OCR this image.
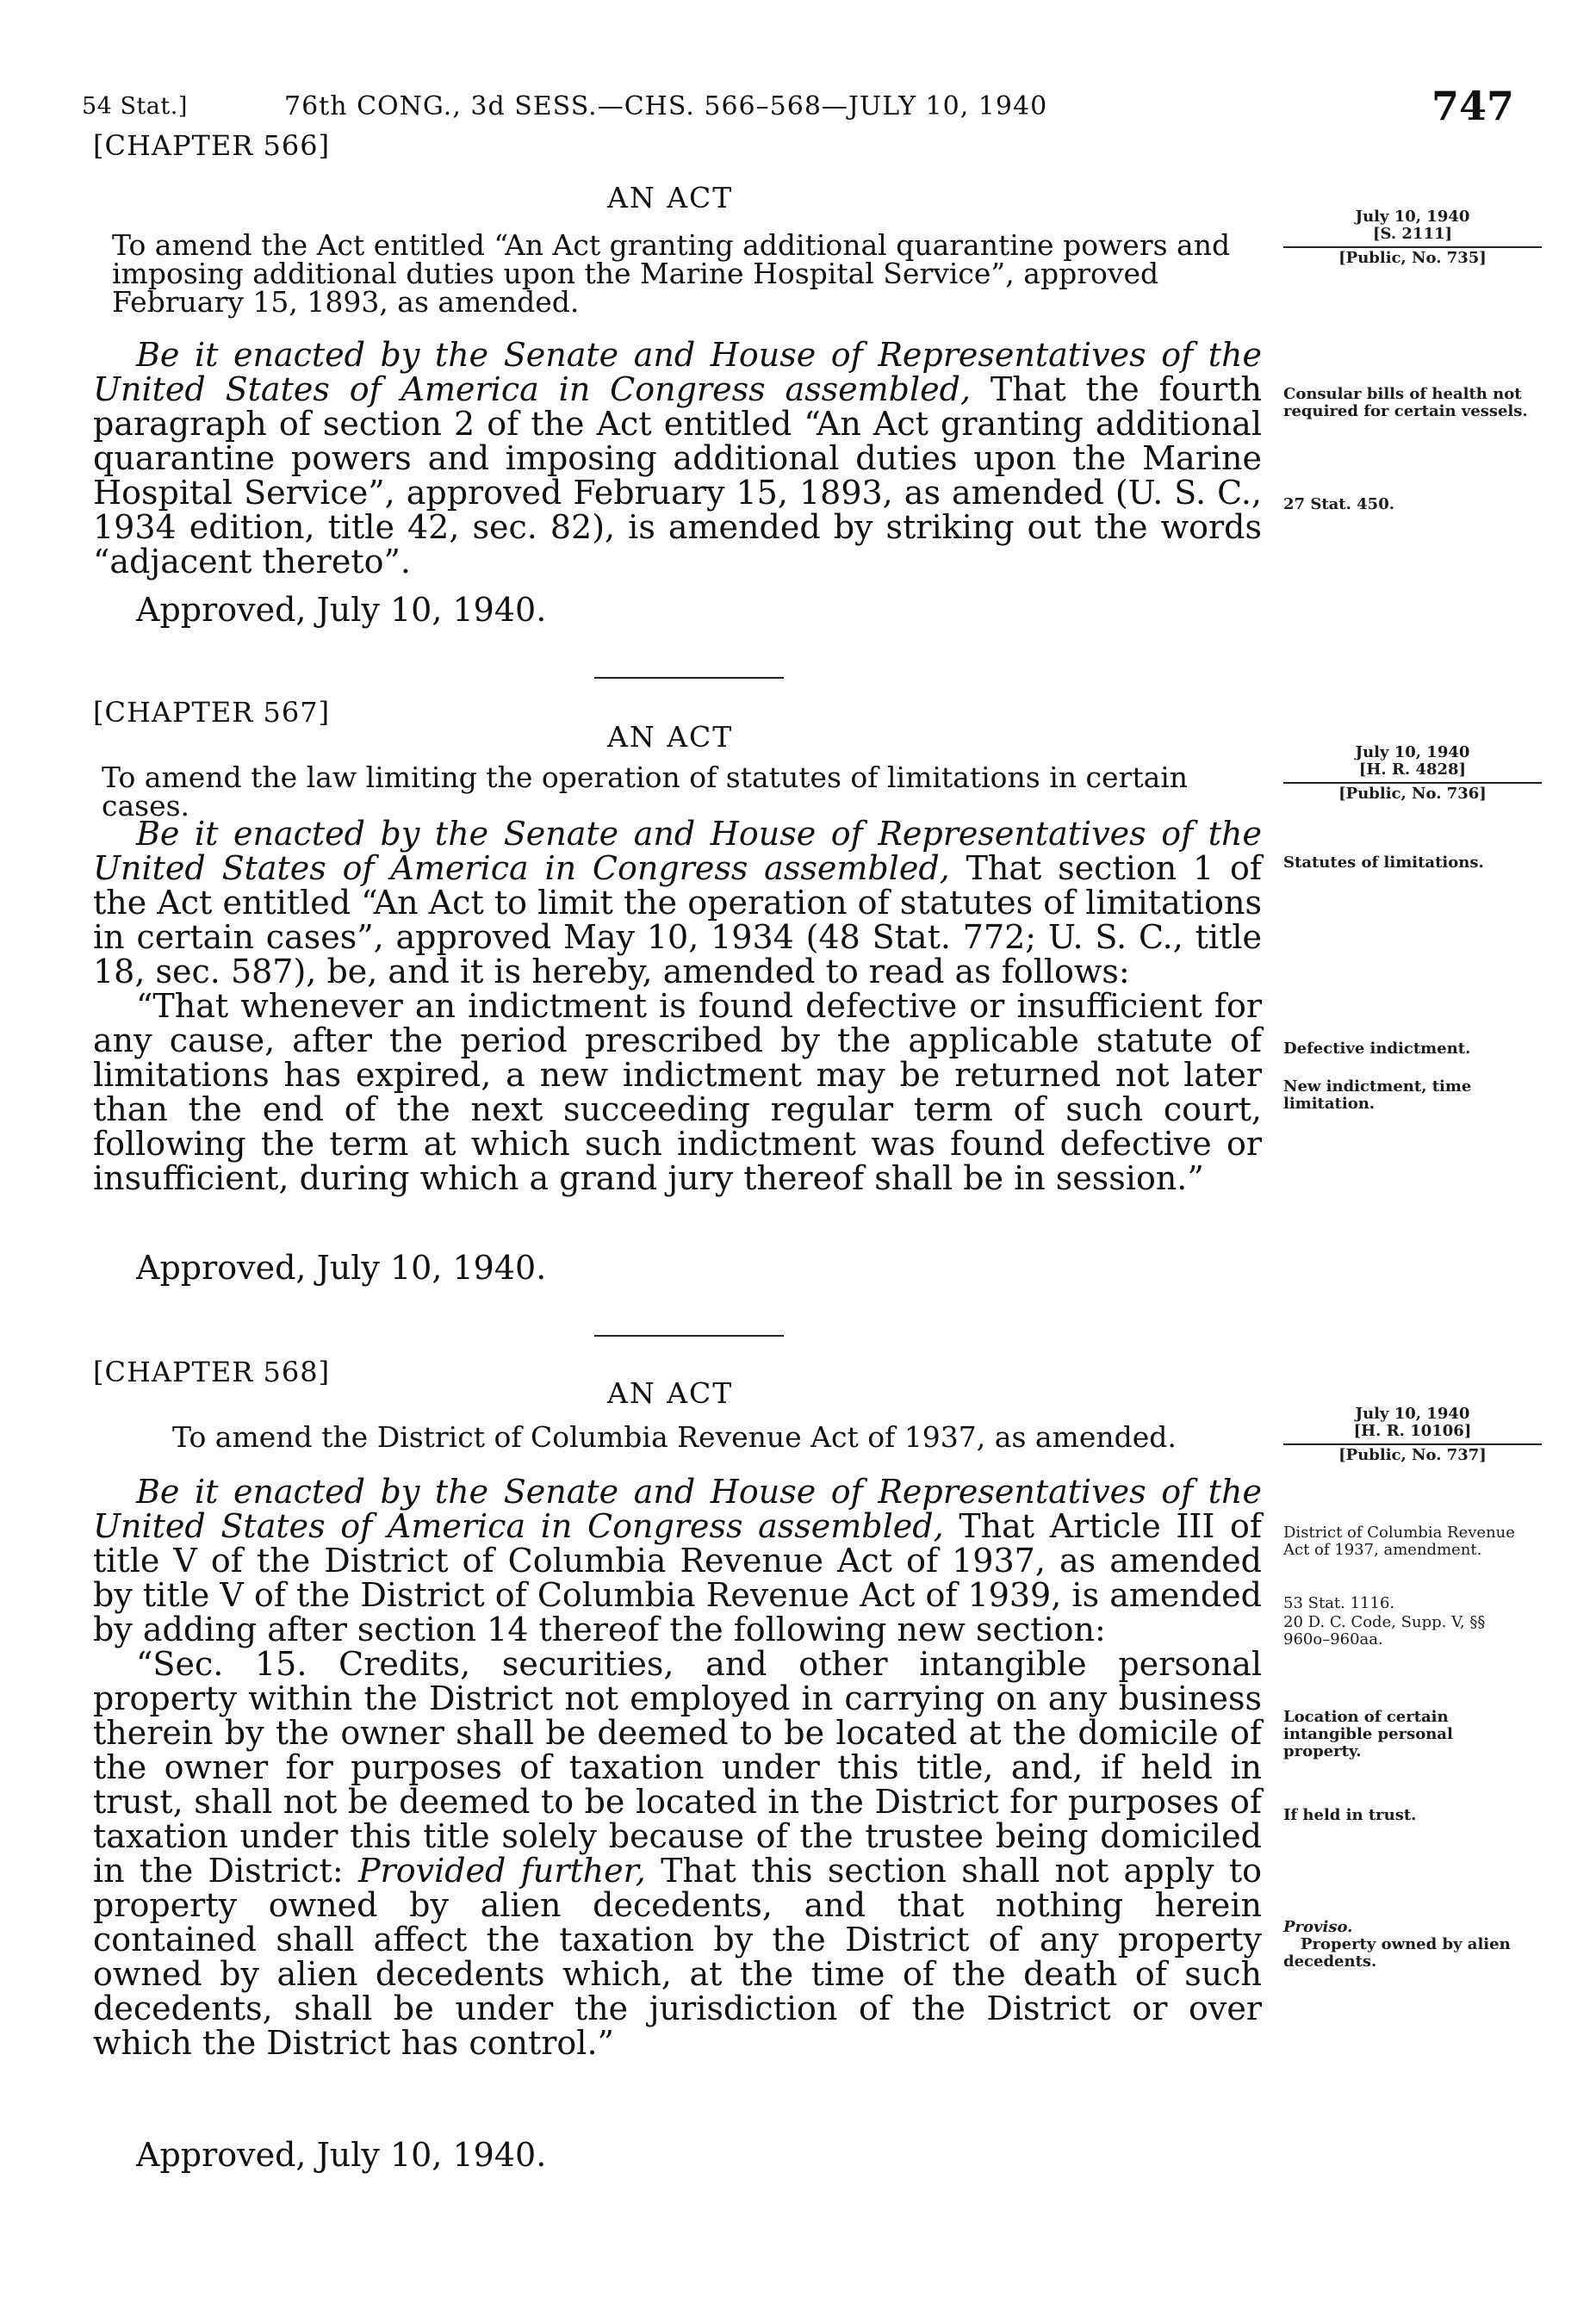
54 Stat.]	76th CONG., 3d SESS.—CHS. 566–568—JULY 10, 1940	747
[CHAPTER 566]
AN ACT
To amend the Act entitled “An Act granting additional quarantine powers and imposing additional duties upon the Marine Hospital Service”, approved February 15, 1893, as amended.

Be it enacted by the Senate and House of Representatives of the United States of America in Congress assembled, That the fourth paragraph of section 2 of the Act entitled “An Act granting additional quarantine powers and imposing additional duties upon the Marine Hospital Service”, approved February 15, 1893, as amended (U. S. C., 1934 edition, title 42, sec. 82), is amended by striking out the words “adjacent thereto”.

Approved, July 10, 1940.
July 10, 1940
[S. 2111]
[Public, No. 735]
Consular bills of health not required for certain vessels.
27 Stat. 450.
[CHAPTER 567]
AN ACT
To amend the law limiting the operation of statutes of limitations in certain cases.

Be it enacted by the Senate and House of Representatives of the United States of America in Congress assembled, That section 1 of the Act entitled “An Act to limit the operation of statutes of limitations in certain cases”, approved May 10, 1934 (48 Stat. 772; U. S. C., title 18, sec. 587), be, and it is hereby, amended to read as follows:

“That whenever an indictment is found defective or insufficient for any cause, after the period prescribed by the applicable statute of limitations has expired, a new indictment may be returned not later than the end of the next succeeding regular term of such court, following the term at which such indictment was found defective or insufficient, during which a grand jury thereof shall be in session.”

Approved, July 10, 1940.
July 10, 1940
[H. R. 4828]
[Public, No. 736]
Statutes of limitations.
Defective indictment.
New indictment, time limitation.
[CHAPTER 568]
AN ACT
To amend the District of Columbia Revenue Act of 1937, as amended.

Be it enacted by the Senate and House of Representatives of the United States of America in Congress assembled, That Article III of title V of the District of Columbia Revenue Act of 1937, as amended by title V of the District of Columbia Revenue Act of 1939, is amended by adding after section 14 thereof the following new section:

“Sec. 15. Credits, securities, and other intangible personal property within the District not employed in carrying on any business therein by the owner shall be deemed to be located at the domicile of the owner for purposes of taxation under this title, and, if held in trust, shall not be deemed to be located in the District for purposes of taxation under this title solely because of the trustee being domiciled in the District: Provided further, That this section shall not apply to property owned by alien decedents, and that nothing herein contained shall affect the taxation by the District of any property owned by alien decedents which, at the time of the death of such decedents, shall be under the jurisdiction of the District or over which the District has control.”

Approved, July 10, 1940.
July 10, 1940
[H. R. 10106]
[Public, No. 737]
District of Columbia Revenue Act of 1937, amendment.
53 Stat. 1116.
20 D. C. Code, Supp. V, §§ 960o–960aa.
Location of certain intangible personal property.
If held in trust.
Proviso.
Property owned by alien decedents.
